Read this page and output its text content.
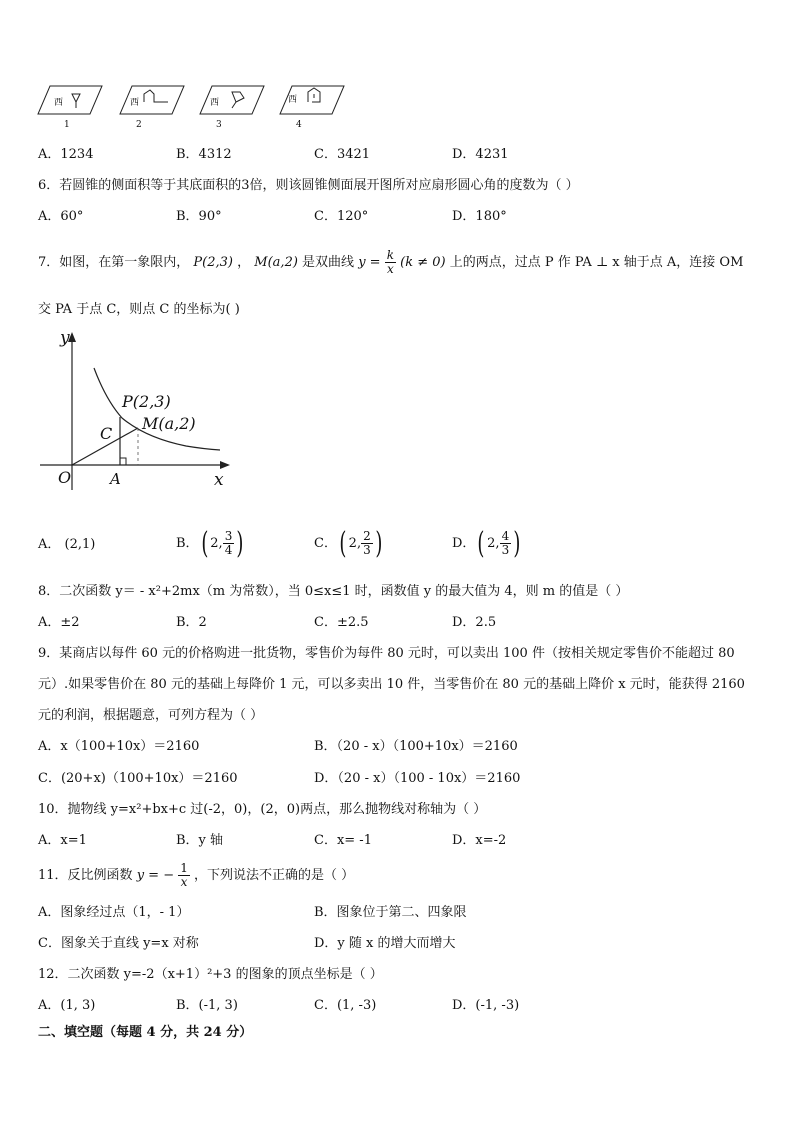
西	西	西	西
1	2	3	4
A．1234	B．4312	C．3421	D．4231
6．若圆锥的侧面积等于其底面积的3倍，则该圆锥侧面展开图所对应扇形圆心角的度数为（ ）
A．60°	B．90°	C．120°	D．180°
7．如图，在第一象限内， P(2,3) ， M(a,2) 是双曲线 $y = \frac{k}{x} (k \ne 0)$ 上的两点，过点 P 作 PA ⊥ x 轴于点 A，连接 OM
交 PA 于点 C，则点 C 的坐标为( )
y
x
O	A
C
P(2,3)
M(a,2)
A． (2,1)	B．( 2, $\frac{3}{4}$ )	C．( 2, $\frac{2}{3}$ )	D．( 2, $\frac{4}{3}$ )
8．二次函数 y＝ - x²+2mx（m 为常数），当 0≤x≤1 时，函数值 y 的最大值为 4，则 m 的值是（ ）
A．±2	B．2	C．±2.5	D．2.5
9．某商店以每件 60 元的价格购进一批货物，零售价为每件 80 元时，可以卖出 100 件（按相关规定零售价不能超过 80
元）.如果零售价在 80 元的基础上每降价 1 元，可以多卖出 10 件，当零售价在 80 元的基础上降价 x 元时，能获得 2160
元的利润，根据题意，可列方程为（ ）
A．x（100+10x）＝2160	B．（20 - x）（100+10x）＝2160
C．(20+x)（100+10x）＝2160	D．（20 - x）（100 - 10x）＝2160
10．抛物线 y=x²+bx+c 过(-2，0)，(2，0)两点，那么抛物线对称轴为（ ）
A．x=1	B．y 轴	C．x= -1	D．x=-2
11．反比例函数 y = − $\frac{1}{x}$ ，下列说法不正确的是（ ）
A．图象经过点（1，- 1）	B．图象位于第二、四象限
C．图象关于直线 y=x 对称	D．y 随 x 的增大而增大
12．二次函数 y=-2（x+1）²+3 的图象的顶点坐标是（ ）
A．(1, 3)	B．(-1, 3)	C．(1, -3)	D．(-1, -3)
二、填空题（每题 4 分，共 24 分）
